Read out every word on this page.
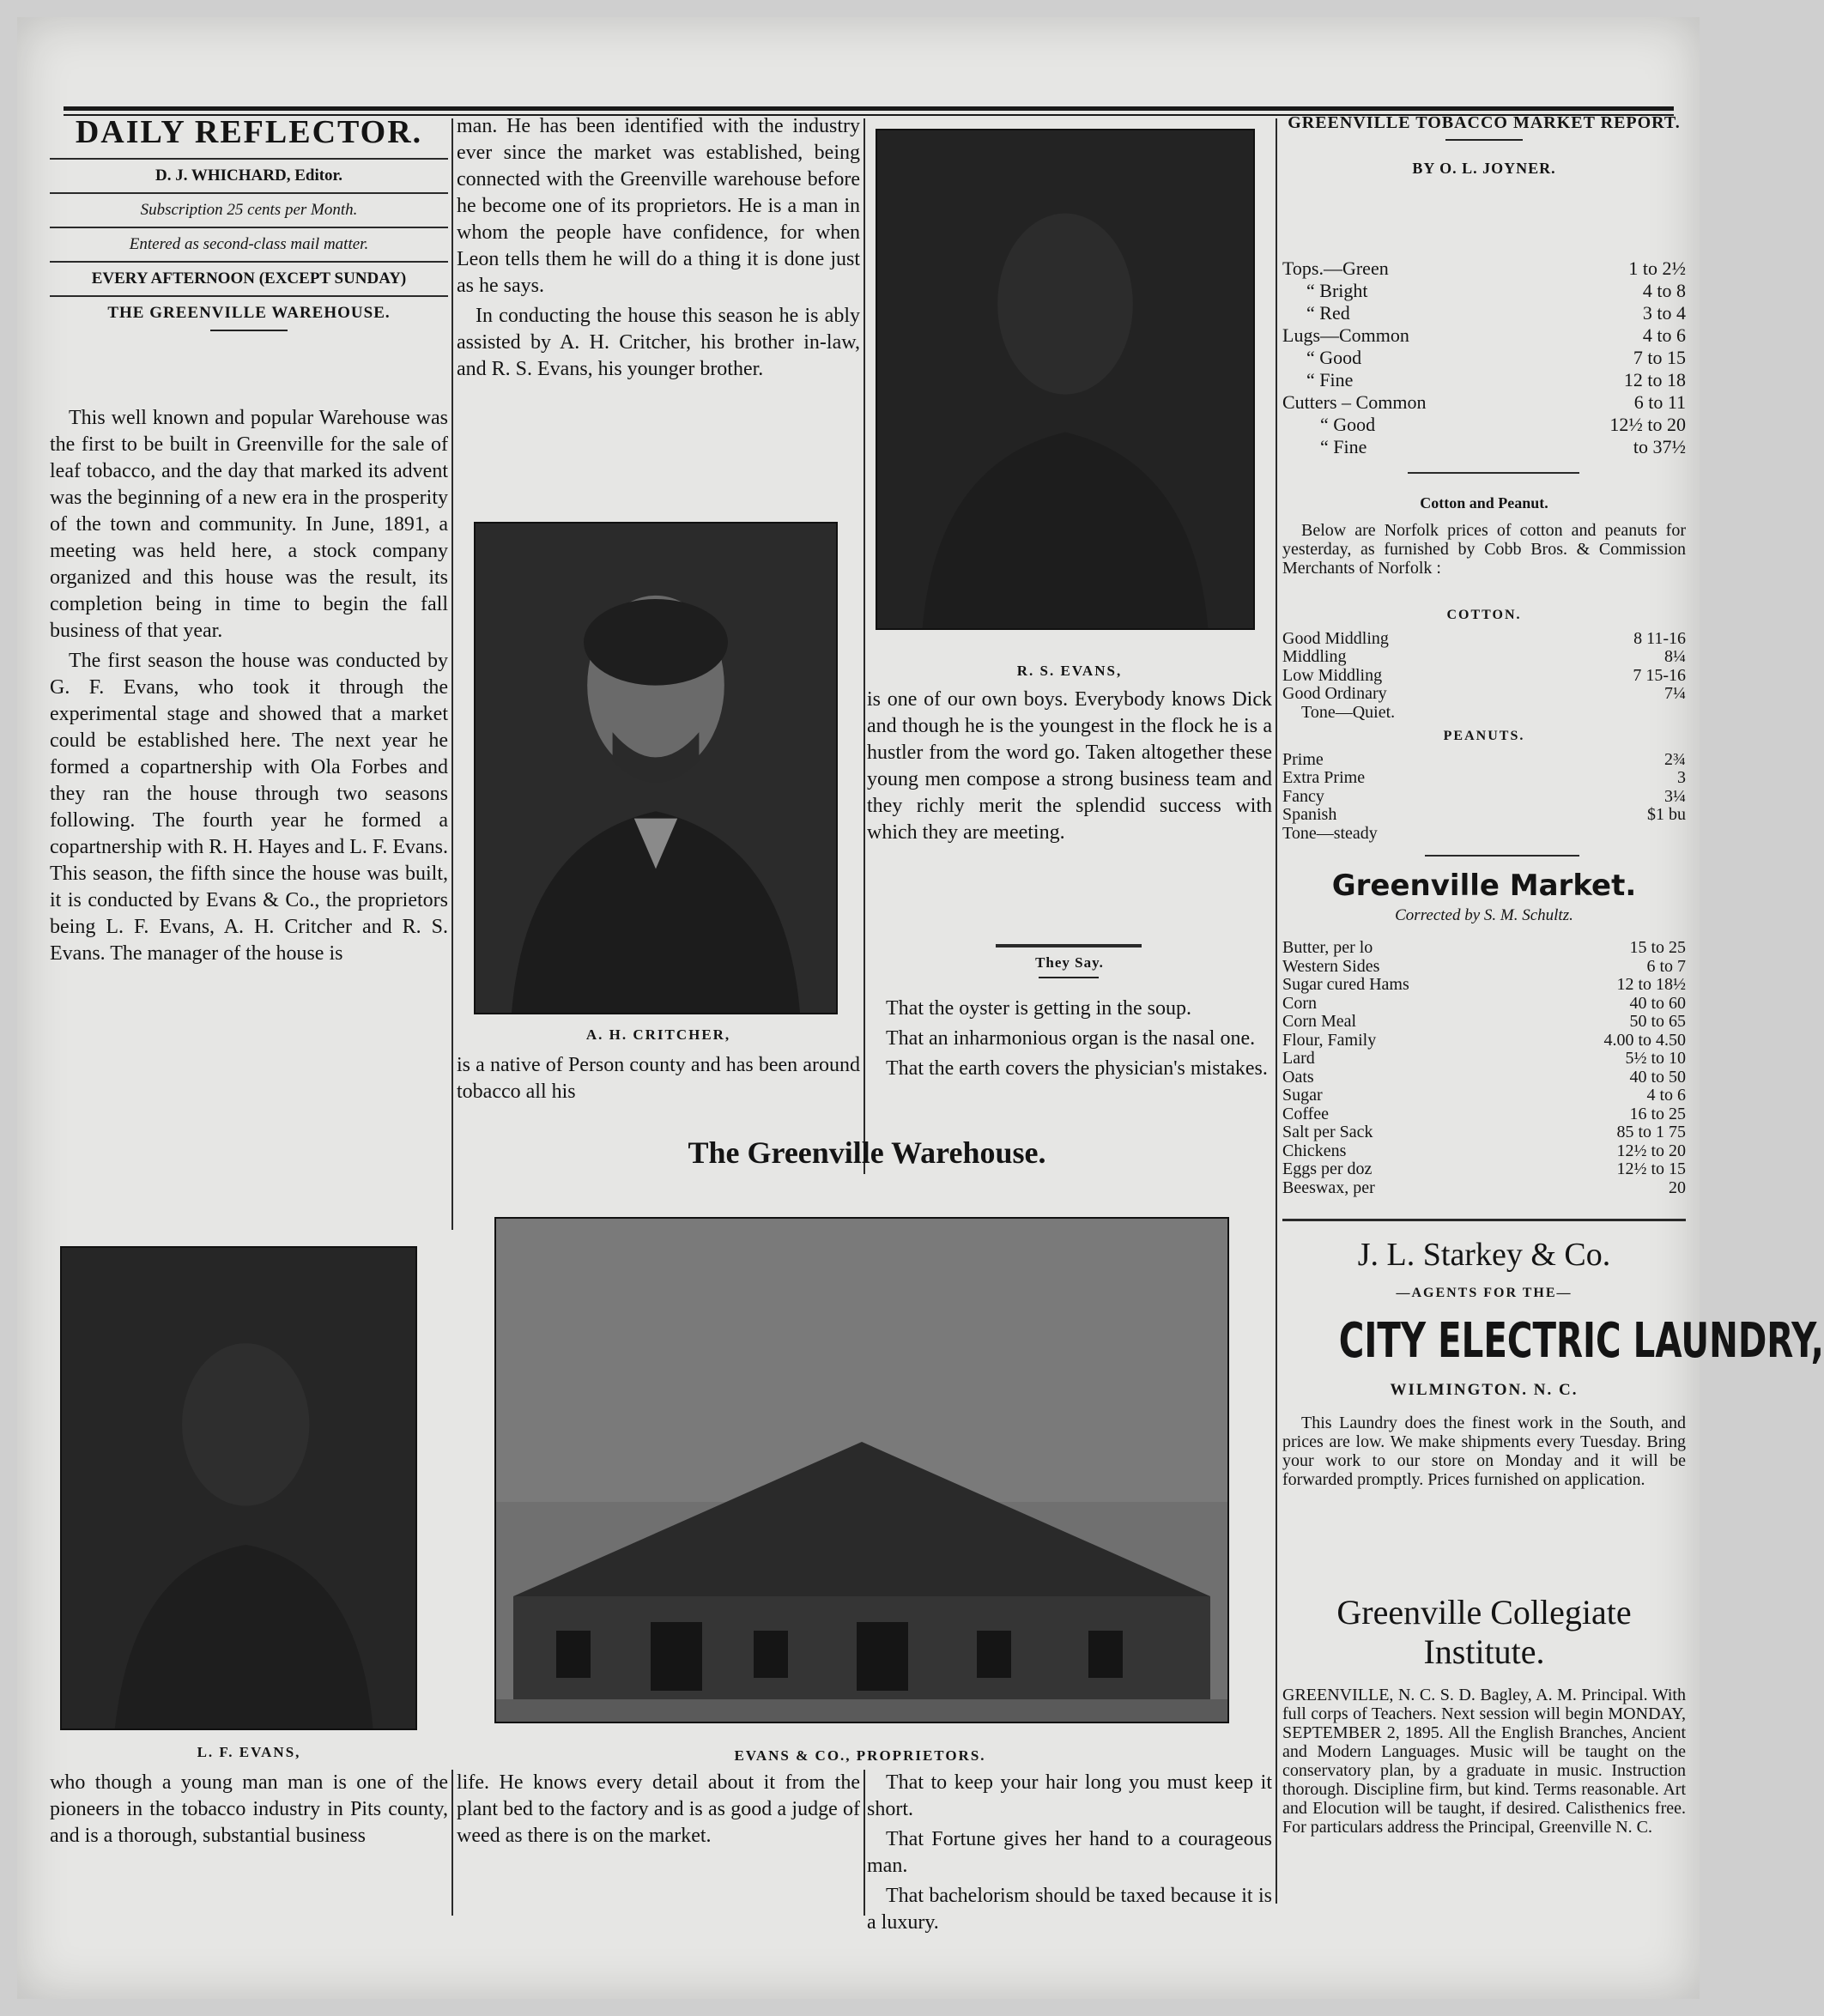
DAILY REFLECTOR.

D. J. WHICHARD, Editor.

Subscription 25 cents per Month.

Entered as second-class mail matter.

EVERY AFTERNOON (EXCEPT SUNDAY)

THE GREENVILLE WAREHOUSE.

This well known and popular Warehouse was the first to be built in Greenville for the sale of leaf tobacco, and the day that marked its advent was the beginning of a new era in the prosperity of the town and community. In June, 1891, a meeting was held here, a stock company organized and this house was the result, its completion being in time to begin the fall business of that year.

The first season the house was conducted by G. F. Evans, who took it through the experimental stage and showed that a market could be established here. The next year he formed a copartnership with Ola Forbes and they ran the house through two seasons following. The fourth year he formed a copartnership with R. H. Hayes and L. F. Evans. This season, the fifth since the house was built, it is conducted by Evans & Co., the proprietors being L. F. Evans, A. H. Critcher and R. S. Evans. The manager of the house is

L. F. EVANS,

who though a young man man is one of the pioneers in the tobacco industry in Pits county, and is a thorough, substantial business

man. He has been identified with the industry ever since the market was established, being connected with the Greenville warehouse before he become one of its proprietors. He is a man in whom the people have confidence, for when Leon tells them he will do a thing it is done just as he says.

In conducting the house this season he is ably assisted by A. H. Critcher, his brother in-law, and R. S. Evans, his younger brother.

A. H. CRITCHER,

is a native of Person county and has been around tobacco all his

R. S. EVANS,

is one of our own boys. Everybody knows Dick and though he is the youngest in the flock he is a hustler from the word go. Taken altogether these young men compose a strong business team and they richly merit the splendid success with which they are meeting.

They Say.

That the oyster is getting in the soup.

That an inharmonious organ is the nasal one.

That the earth covers the physician's mistakes.

The Greenville Warehouse.
EVANS & CO., PROPRIETORS.

life. He knows every detail about it from the plant bed to the factory and is as good a judge of weed as there is on the market.

That to keep your hair long you must keep it short.

That Fortune gives her hand to a courageous man.

That bachelorism should be taxed because it is a luxury.

GREENVILLE TOBACCO MARKET REPORT.

BY O. L. JOYNER.

Tops.—Green	1 to 2½
“ Bright	4 to 8
“ Red	3 to 4
Lugs—Common	4 to 6
“ Good	7 to 15
“ Fine	12 to 18
Cutters – Common	6 to 11
“ Good	12½ to 20
“ Fine	to 37½

Cotton and Peanut.

Below are Norfolk prices of cotton and peanuts for yesterday, as furnished by Cobb Bros. & Commission Merchants of Norfolk :

COTTON.
Good Middling	8 11-16
Middling	8¼
Low Middling	7 15-16
Good Ordinary	7¼
Tone—Quiet.
PEANUTS.
Prime	2¾
Extra Prime	3
Fancy	3¼
Spanish	$1 bu
Tone—steady

Greenville Market.

Corrected by S. M. Schultz.

Butter, per lo	15 to 25
Western Sides	6 to 7
Sugar cured Hams	12 to 18½
Corn	40 to 60
Corn Meal	50 to 65
Flour, Family	4.00 to 4.50
Lard	5½ to 10
Oats	40 to 50
Sugar	4 to 6
Coffee	16 to 25
Salt per Sack	85 to 1 75
Chickens	12½ to 20
Eggs per doz	12½ to 15
Beeswax, per	20
J. L. Starkey & Co.
—AGENTS FOR THE—
CITY ELECTRIC LAUNDRY,
WILMINGTON. N. C.

This Laundry does the finest work in the South, and prices are low. We make shipments every Tuesday. Bring your work to our store on Monday and it will be forwarded promptly. Prices furnished on application.

Greenville Collegiate
Institute.

GREENVILLE, N. C. S. D. Bagley, A. M. Principal. With full corps of Teachers. Next session will begin MONDAY, SEPTEMBER 2, 1895. All the English Branches, Ancient and Modern Languages. Music will be taught on the conservatory plan, by a graduate in music. Instruction thorough. Discipline firm, but kind. Terms reasonable. Art and Elocution will be taught, if desired. Calisthenics free. For particulars address the Principal, Greenville N. C.
